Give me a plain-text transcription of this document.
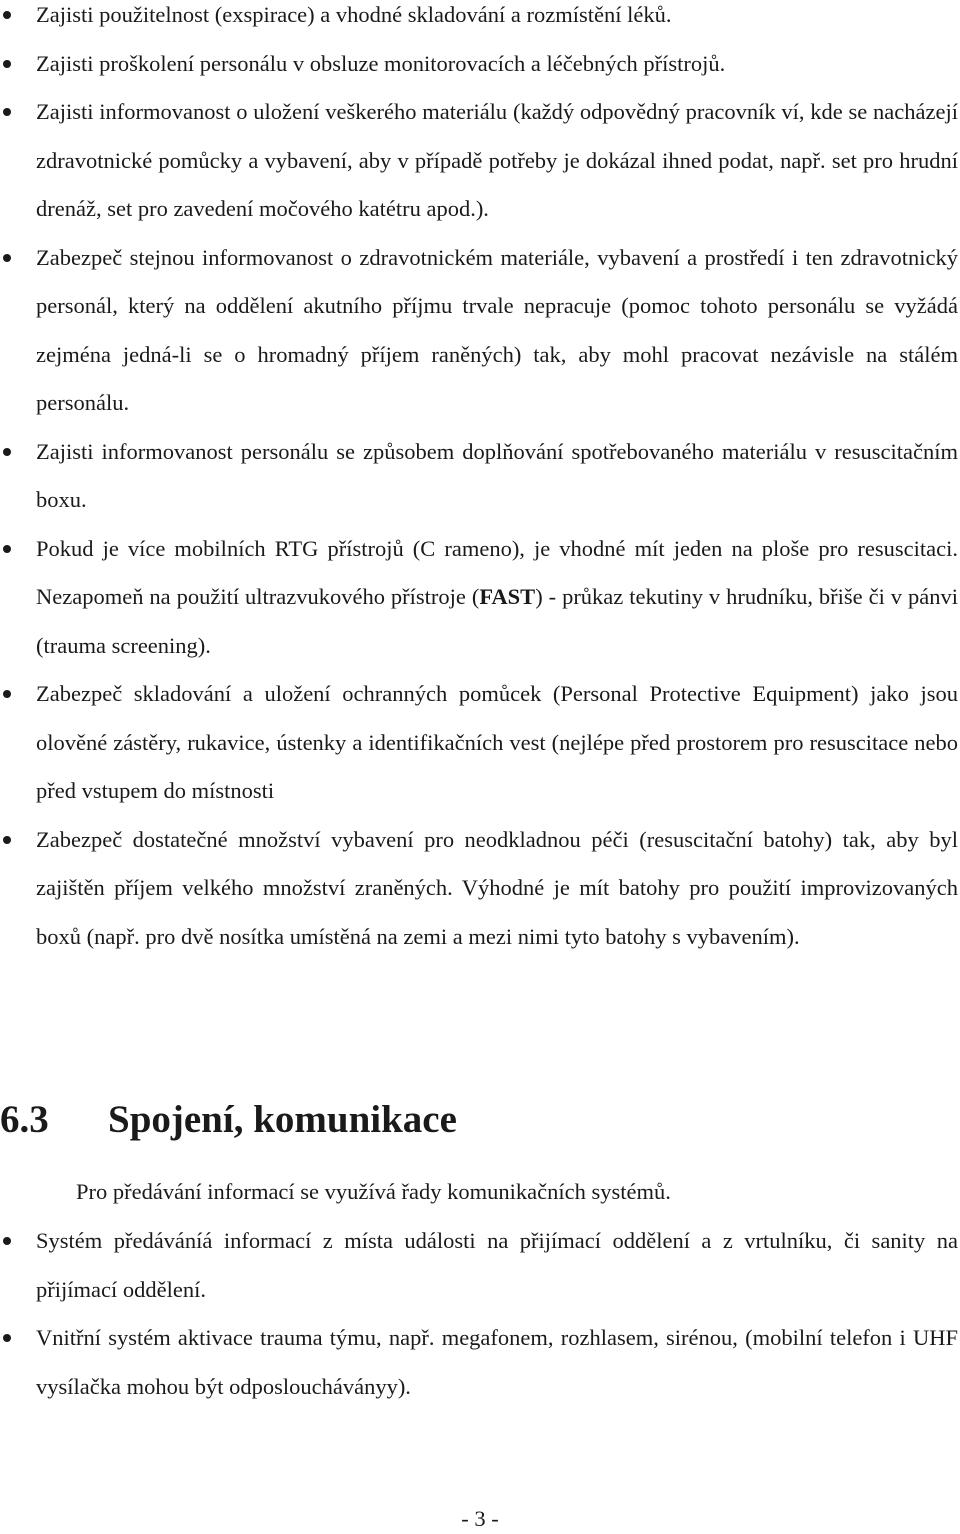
Zajisti použitelnost (exspirace) a vhodné skladování a rozmístění léků.
Zajisti proškolení personálu v obsluze monitorovacích a léčebných přístrojů.
Zajisti informovanost o uložení veškerého materiálu (každý odpovědný pracovník ví, kde se nacházejí zdravotnické pomůcky a vybavení, aby v případě potřeby je dokázal ihned podat, např. set pro hrudní drenáž, set pro zavedení močového katétru apod.).
Zabezpeč stejnou informovanost o zdravotnickém materiále, vybavení a prostředí i ten zdravotnický personál, který na oddělení akutního příjmu trvale nepracuje (pomoc tohoto personálu se vyžádá zejména jedná-li se o hromadný příjem raněných) tak, aby mohl pracovat nezávisle na stálém personálu.
Zajisti informovanost personálu se způsobem doplňování spotřebovaného materiálu v resuscitačním boxu.
Pokud je více mobilních RTG přístrojů (C rameno), je vhodné mít jeden na ploše pro resuscitaci. Nezapomeň na použití ultrazvukového přístroje (FAST) - průkaz tekutiny v hrudníku, břiše či v pánvi (trauma screening).
Zabezpeč skladování a uložení ochranných pomůcek (Personal Protective Equipment) jako jsou olověné zástěry, rukavice, ústenky a identifikačních vest (nejlépe před prostorem pro resuscitace nebo před vstupem do místnosti
Zabezpeč dostatečné množství vybavení pro neodkladnou péči (resuscitační batohy) tak, aby byl zajištěn příjem velkého množství zraněných. Výhodné je mít batohy pro použití improvizovaných boxů (např. pro dvě nosítka umístěná na zemi a mezi nimi tyto batohy s vybavením).
6.3 Spojení, komunikace

Pro předávání informací se využívá řady komunikačních systémů.

Systém předáváníá informací z místa události na přijímací oddělení a z vrtulníku, či sanity na přijímací oddělení.
Vnitřní systém aktivace trauma týmu, např. megafonem, rozhlasem, sirénou, (mobilní telefon i UHF vysílačka mohou být odposloucháványy).

- 3 -
